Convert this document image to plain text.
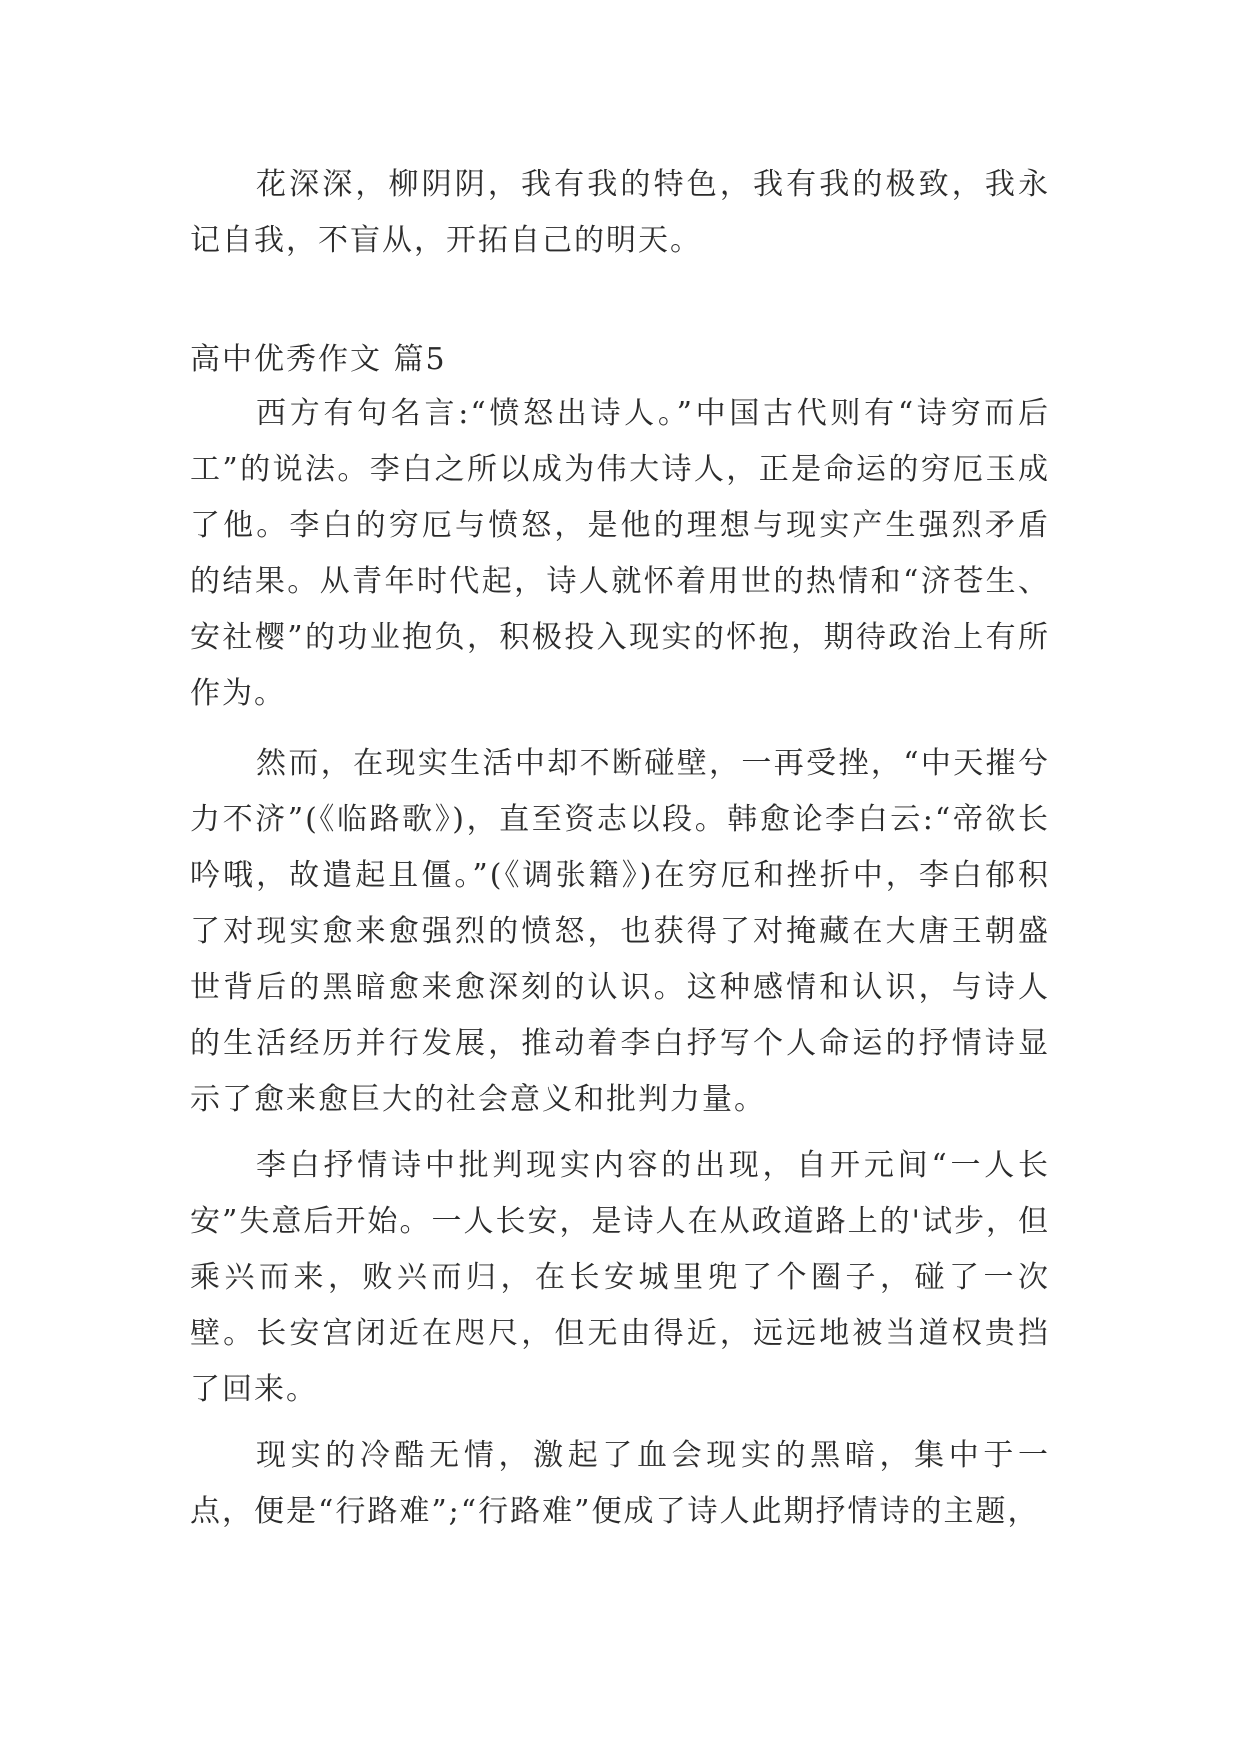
花深深，柳阴阴，我有我的特色，我有我的极致，我永记自我，不盲从，开拓自己的明天。

高中优秀作文 篇5

西方有句名言:“愤怒出诗人。”中国古代则有“诗穷而后工”的说法。李白之所以成为伟大诗人，正是命运的穷厄玉成了他。李白的穷厄与愤怒，是他的理想与现实产生强烈矛盾的结果。从青年时代起，诗人就怀着用世的热情和“济苍生、安社樱”的功业抱负，积极投入现实的怀抱，期待政治上有所作为。

然而，在现实生活中却不断碰壁，一再受挫，“中天摧兮力不济”(《临路歌》)，直至资志以段。韩愈论李白云:“帝欲长吟哦，故遣起且僵。”(《调张籍》)在穷厄和挫折中，李白郁积了对现实愈来愈强烈的愤怒，也获得了对掩藏在大唐王朝盛世背后的黑暗愈来愈深刻的认识。这种感情和认识，与诗人的生活经历并行发展，推动着李白抒写个人命运的抒情诗显示了愈来愈巨大的社会意义和批判力量。

李白抒情诗中批判现实内容的出现，自开元间“一人长安”失意后开始。一人长安，是诗人在从政道路上的'试步，但乘兴而来，败兴而归，在长安城里兜了个圈子，碰了一次壁。长安宫闭近在咫尺，但无由得近，远远地被当道权贵挡了回来。

现实的冷酷无情，激起了血会现实的黑暗，集中于一点，便是“行路难”;“行路难”便成了诗人此期抒情诗的主题，
